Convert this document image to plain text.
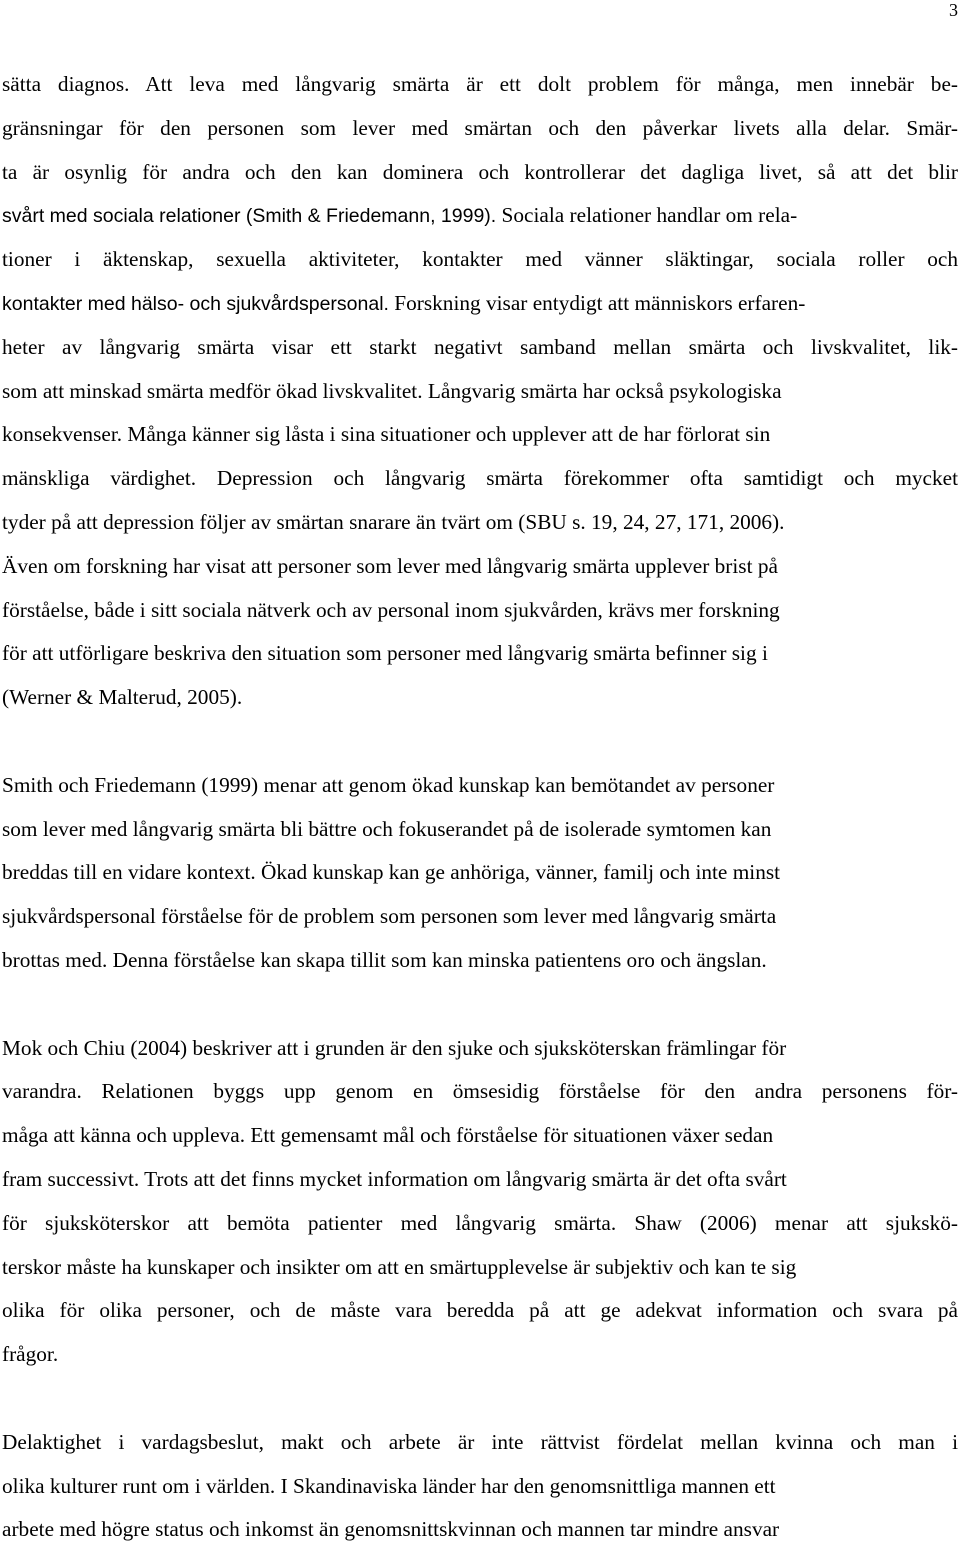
3
sätta diagnos. Att leva med långvarig smärta är ett dolt problem för många, men innebär be-
gränsningar för den personen som lever med smärtan och den påverkar livets alla delar. Smär-
ta är osynlig för andra och den kan dominera och kontrollerar det dagliga livet, så att det blir
svårt med sociala relationer (Smith & Friedemann, 1999). Sociala relationer handlar om rela-
tioner i äktenskap, sexuella aktiviteter, kontakter med vänner släktingar, sociala roller och
kontakter med hälso- och sjukvårdspersonal. Forskning visar entydigt att människors erfaren-
heter av långvarig smärta visar ett starkt negativt samband mellan smärta och livskvalitet, lik-
som att minskad smärta medför ökad livskvalitet. Långvarig smärta har också psykologiska
konsekvenser. Många känner sig låsta i sina situationer och upplever att de har förlorat sin
mänskliga värdighet. Depression och långvarig smärta förekommer ofta samtidigt och mycket
tyder på att depression följer av smärtan snarare än tvärt om (SBU s. 19, 24, 27, 171, 2006).
Även om forskning har visat att personer som lever med långvarig smärta upplever brist på
förståelse, både i sitt sociala nätverk och av personal inom sjukvården, krävs mer forskning
för att utförligare beskriva den situation som personer med långvarig smärta befinner sig i
(Werner & Malterud, 2005).
Smith och Friedemann (1999) menar att genom ökad kunskap kan bemötandet av personer
som lever med långvarig smärta bli bättre och fokuserandet på de isolerade symtomen kan
breddas till en vidare kontext. Ökad kunskap kan ge anhöriga, vänner, familj och inte minst
sjukvårdspersonal förståelse för de problem som personen som lever med långvarig smärta
brottas med. Denna förståelse kan skapa tillit som kan minska patientens oro och ängslan.
Mok och Chiu (2004) beskriver att i grunden är den sjuke och sjuksköterskan främlingar för
varandra. Relationen byggs upp genom en ömsesidig förståelse för den andra personens för-
måga att känna och uppleva. Ett gemensamt mål och förståelse för situationen växer sedan
fram successivt. Trots att det finns mycket information om långvarig smärta är det ofta svårt
för sjuksköterskor att bemöta patienter med långvarig smärta. Shaw (2006) menar att sjukskö-
terskor måste ha kunskaper och insikter om att en smärtupplevelse är subjektiv och kan te sig
olika för olika personer, och de måste vara beredda på att ge adekvat information och svara på
frågor.
Delaktighet i vardagsbeslut, makt och arbete är inte rättvist fördelat mellan kvinna och man i
olika kulturer runt om i världen. I Skandinaviska länder har den genomsnittliga mannen ett
arbete med högre status och inkomst än genomsnittskvinnan och mannen tar mindre ansvar
